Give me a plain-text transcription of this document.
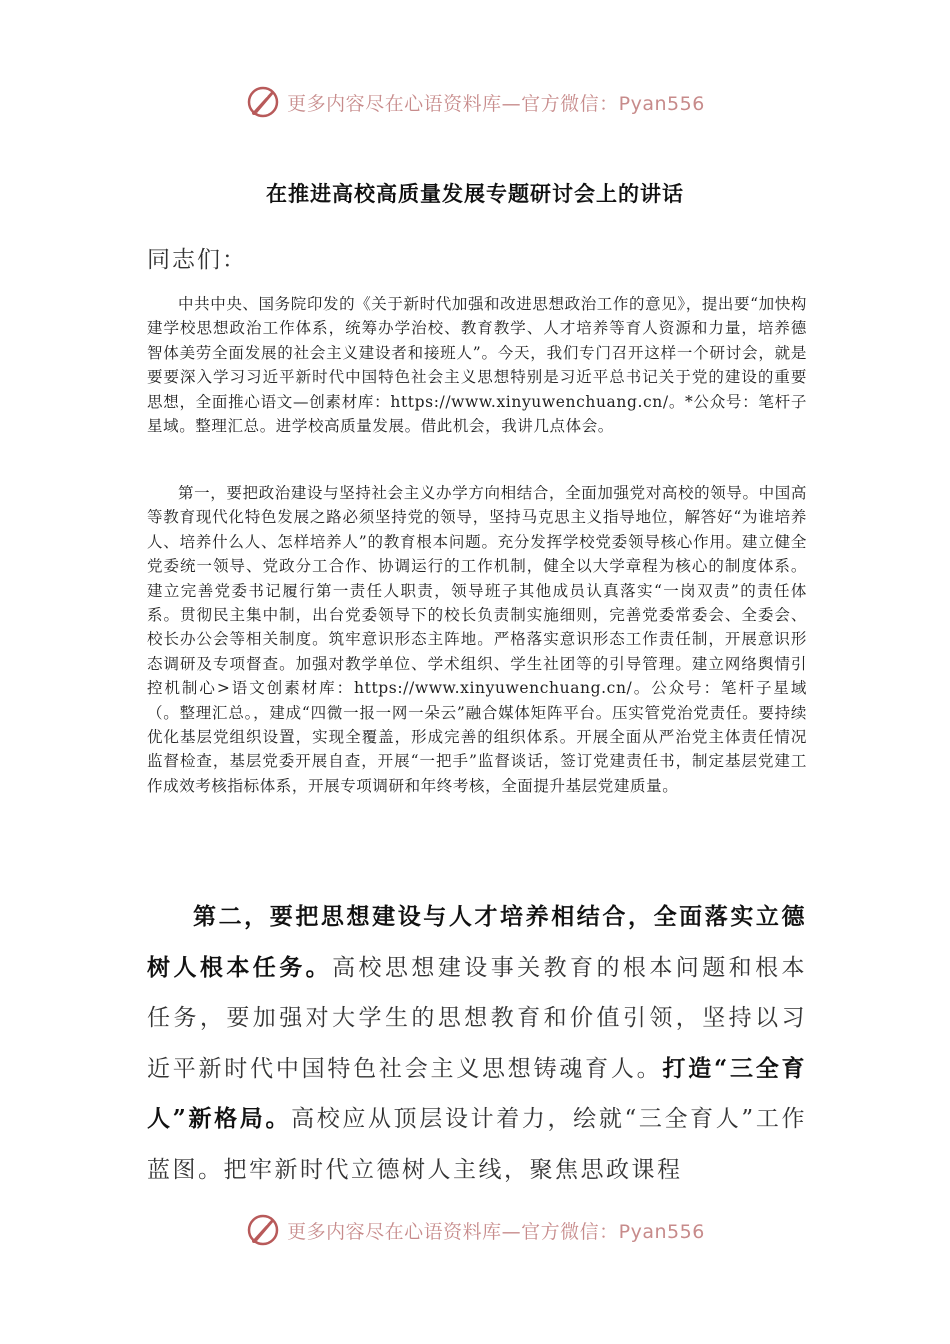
更多内容尽在心语资料库—官方微信：Pyan556
在推进高校高质量发展专题研讨会上的讲话
同志们：

中共中央、国务院印发的《关于新时代加强和改进思想政治工作的意见》，提出要“加快构建学校思想政治工作体系，统筹办学治校、教育教学、人才培养等育人资源和力量，培养德智体美劳全面发展的社会主义建设者和接班人”。今天，我们专门召开这样一个研讨会，就是要要深入学习习近平新时代中国特色社会主义思想特别是习近平总书记关于党的建设的重要思想，全面推心语文—创素材库：https://www.xinyuwenchuang.cn/。*公众号：笔杆子星域。整理汇总。进学校高质量发展。借此机会，我讲几点体会。

第一，要把政治建设与坚持社会主义办学方向相结合，全面加强党对高校的领导。中国高等教育现代化特色发展之路必须坚持党的领导，坚持马克思主义指导地位，解答好“为谁培养人、培养什么人、怎样培养人”的教育根本问题。充分发挥学校党委领导核心作用。建立健全党委统一领导、党政分工合作、协调运行的工作机制，健全以大学章程为核心的制度体系。建立完善党委书记履行第一责任人职责，领导班子其他成员认真落实“一岗双责”的责任体系。贯彻民主集中制，出台党委领导下的校长负责制实施细则，完善党委常委会、全委会、校长办公会等相关制度。筑牢意识形态主阵地。严格落实意识形态工作责任制，开展意识形态调研及专项督查。加强对教学单位、学术组织、学生社团等的引导管理。建立网络舆情引控机制心>语文创素材库：https://www.xinyuwenchuang.cn/。公众号：笔杆子星域（。整理汇总。，建成“四微一报一网一朵云”融合媒体矩阵平台。压实管党治党责任。要持续优化基层党组织设置，实现全覆盖，形成完善的组织体系。开展全面从严治党主体责任情况监督检查，基层党委开展自查，开展“一把手”监督谈话，签订党建责任书，制定基层党建工作成效考核指标体系，开展专项调研和年终考核，全面提升基层党建质量。

第二，要把思想建设与人才培养相结合，全面落实立德树人根本任务。高校思想建设事关教育的根本问题和根本任务，要加强对大学生的思想教育和价值引领，坚持以习近平新时代中国特色社会主义思想铸魂育人。打造“三全育人”新格局。高校应从顶层设计着力，绘就“三全育人”工作蓝图。把牢新时代立德树人主线，聚焦思政课程

更多内容尽在心语资料库—官方微信：Pyan556
